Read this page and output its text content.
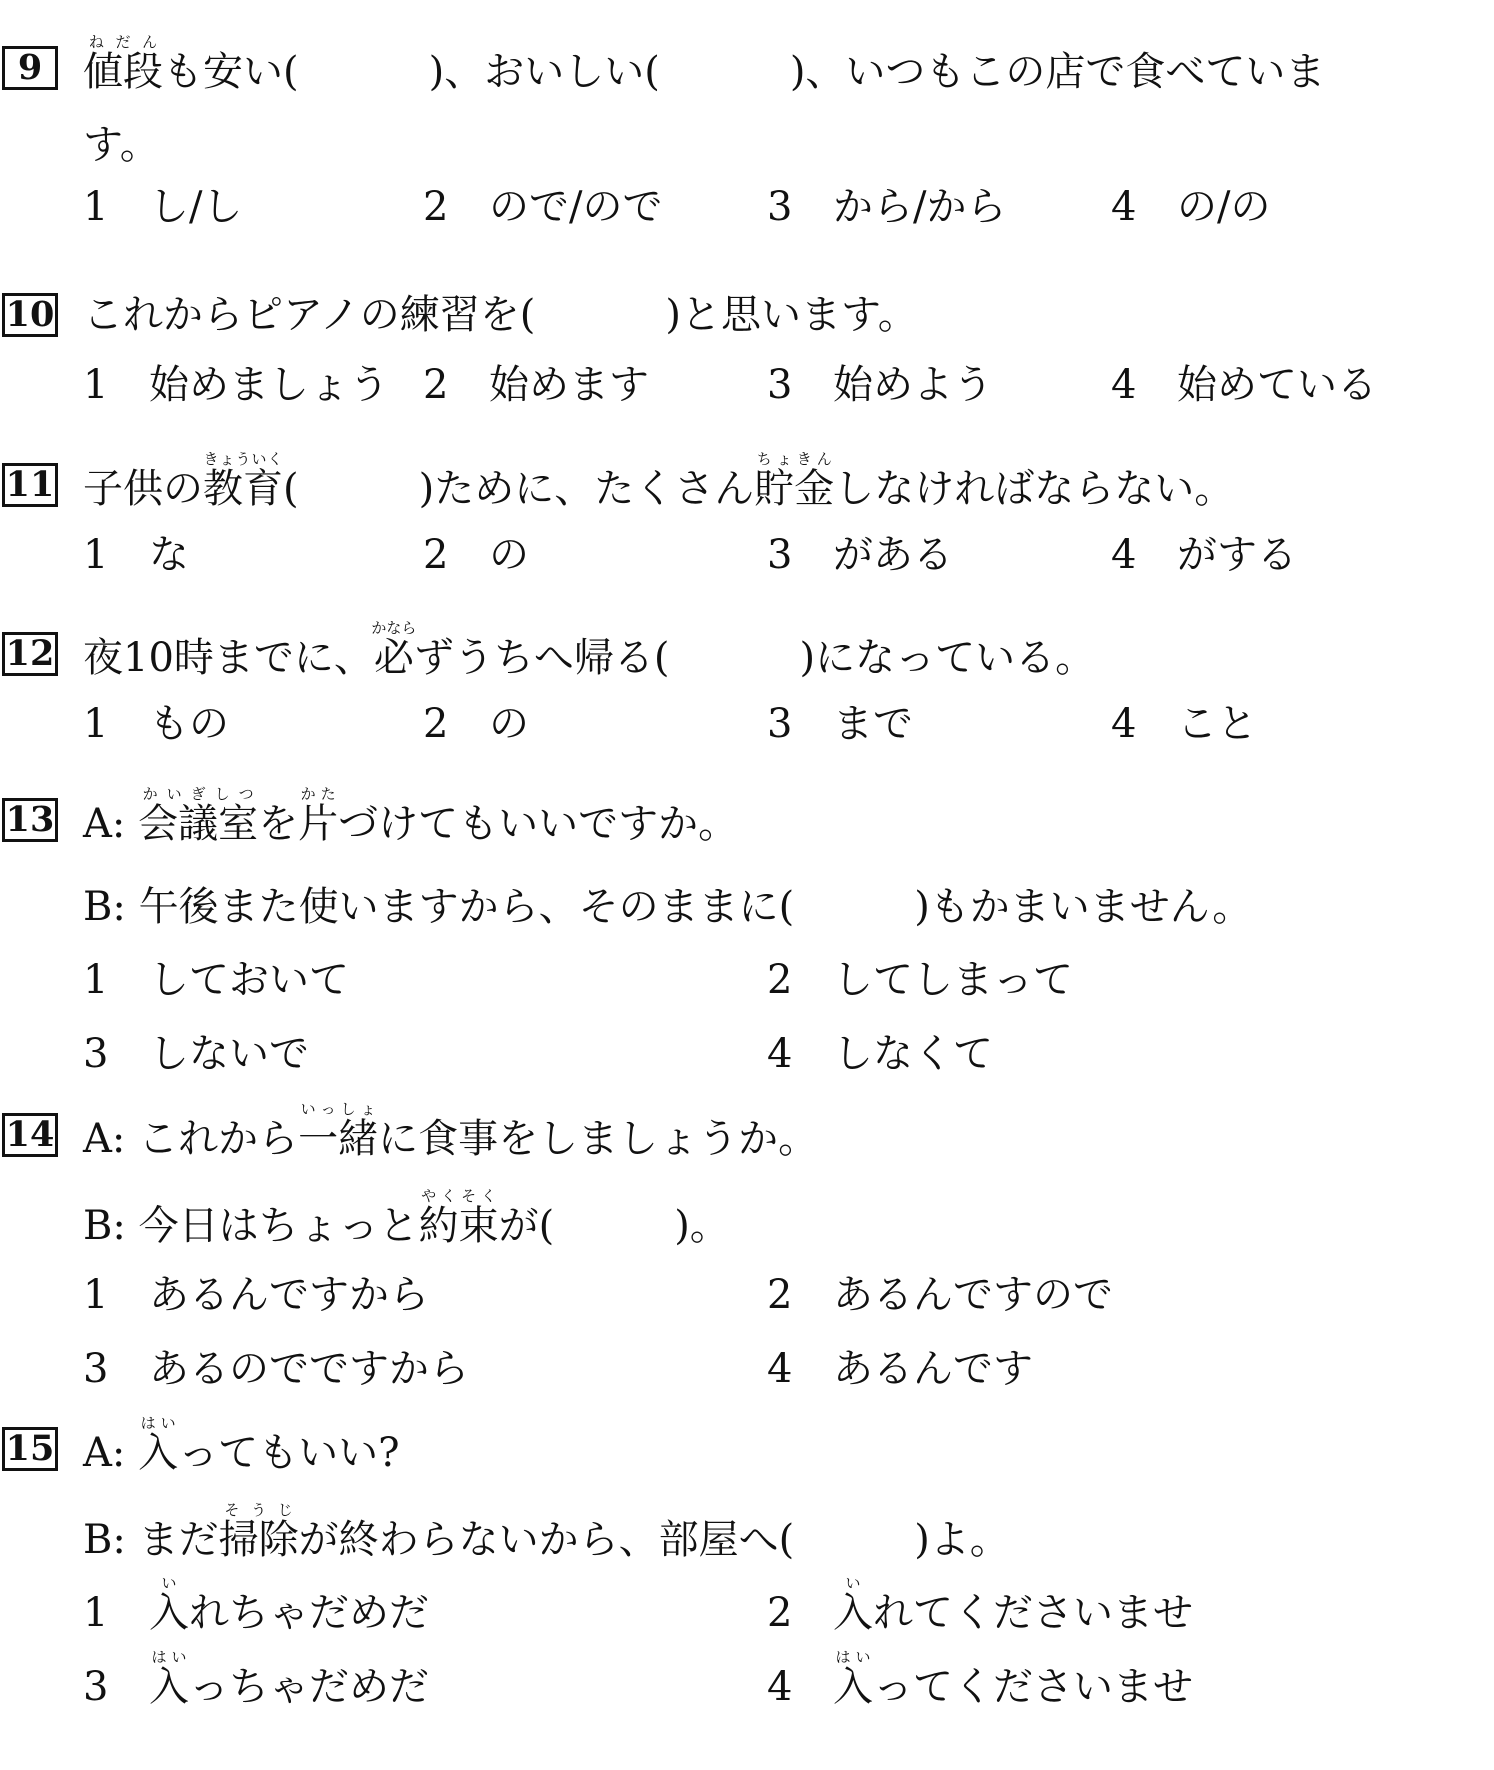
9	値段ねだんも安い(	)、おいしい(	)、いつもこの店で食べていま
す。
1 し/し	2 ので/ので	3 から/から	4 の/の
10 これからピアノの練習を(	)と思います。
1 始めましょう 2 始めます	3 始めよう	4 始めている
11 子供の教育きょういく(	)ために、たくさん貯金ちょきんしなければならない。
1 な	2 の	3 がある	4 がする
12 夜10時までに、必かならずうちへ帰る(	)になっている。
1 もの	2 の	3 まで	4 こと
13 A: 会議室かいぎしつを片かたづけてもいいですか。
B: 午後また使いますから、そのままに(	)もかまいません。
1 しておいて	2 してしまって
3 しないで	4 しなくて
14 A: これから一緒いっしょに食事をしましょうか。
B: 今日はちょっと約束やくそくが(	)。
1 あるんですから	2 あるんですので
3 あるのでですから	4 あるんです
15 A: 入はいってもいい?
B: まだ掃除そうじが終わらないから、部屋へ(	)よ。
1 入いれちゃだめだ	2 入いれてくださいませ
3 入はいっちゃだめだ	4 入はいってくださいませ
